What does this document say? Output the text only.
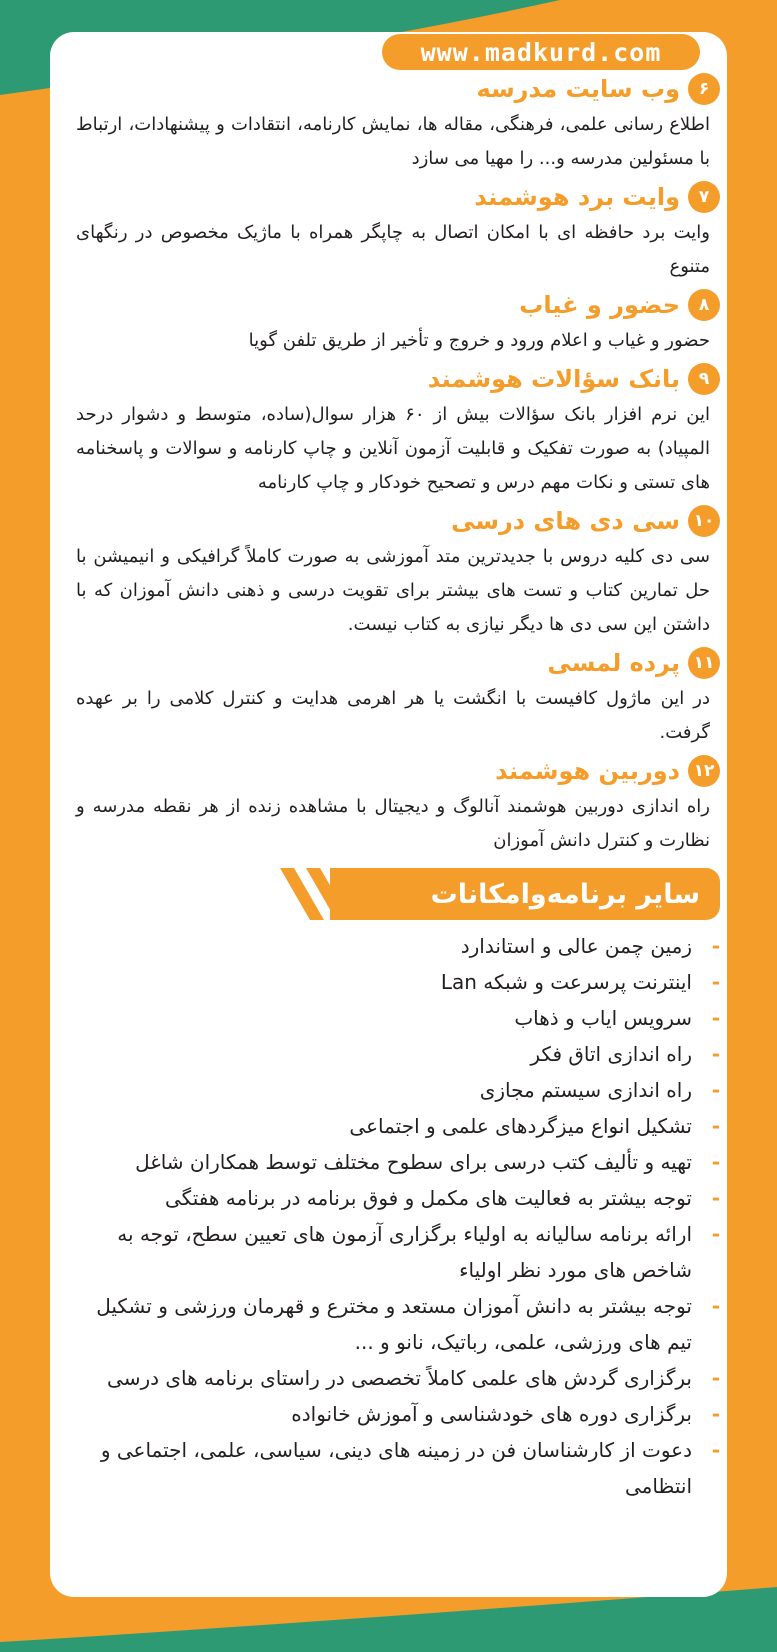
www.madkurd.com
۶
وب سایت مدرسه

اطلاع رسانی علمی، فرهنگی، مقاله ها، نمایش کارنامه، انتقادات و پیشنهادات، ارتباط با مسئولین مدرسه و... را مهیا می سازد

۷
وایت برد هوشمند

وایت برد حافظه ای با امکان اتصال به چاپگر همراه با ماژیک مخصوص در رنگهای متنوع

۸
حضور و غیاب

حضور و غیاب و اعلام ورود و خروج و تأخیر از طریق تلفن گویا

۹
بانک سؤالات هوشمند

این نرم افزار بانک سؤالات بیش از ۶۰ هزار سوال(ساده، متوسط و دشوار درحد المپیاد) به صورت تفکیک و قابلیت آزمون آنلاین و چاپ کارنامه و سوالات و پاسخنامه های تستی و نکات مهم درس و تصحیح خودکار و چاپ کارنامه

۱۰
سی دی های درسی

سی دی کلیه دروس با جدیدترین متد آموزشی به صورت کاملاً گرافیکی و انیمیشن با حل تمارین کتاب و تست های بیشتر برای تقویت درسی و ذهنی دانش آموزان که با داشتن این سی دی ها دیگر نیازی به کتاب نیست.

۱۱
پرده لمسی

در این ماژول کافیست با انگشت یا هر اهرمی هدایت و کنترل کلامی را بر عهده گرفت.

۱۲
دوربین هوشمند

راه اندازی دوربین هوشمند آنالوگ و دیجیتال با مشاهده زنده از هر نقطه مدرسه و نظارت و کنترل دانش آموزان

سایر برنامه‌وامکانات
-
زمین چمن عالی و استاندارد
-
اینترنت پرسرعت و شبکه Lan
-
سرویس ایاب و ذهاب
-
راه اندازی اتاق فکر
-
راه اندازی سیستم مجازی
-
تشکیل انواع میزگردهای علمی و اجتماعی
-
تهیه و تألیف کتب درسی برای سطوح مختلف توسط همکاران شاغل
-
توجه بیشتر به فعالیت های مکمل و فوق برنامه در برنامه هفتگی
-
ارائه برنامه سالیانه به اولیاء برگزاری آزمون های تعیین سطح، توجه به شاخص های مورد نظر اولیاء
-
توجه بیشتر به دانش آموزان مستعد و مخترع و قهرمان ورزشی و تشکیل تیم های ورزشی، علمی، رباتیک، نانو و ...
-
برگزاری گردش های علمی کاملاً تخصصی در راستای برنامه های درسی
-
برگزاری دوره های خودشناسی و آموزش خانواده
-
دعوت از کارشناسان فن در زمینه های دینی، سیاسی، علمی، اجتماعی و انتظامی
